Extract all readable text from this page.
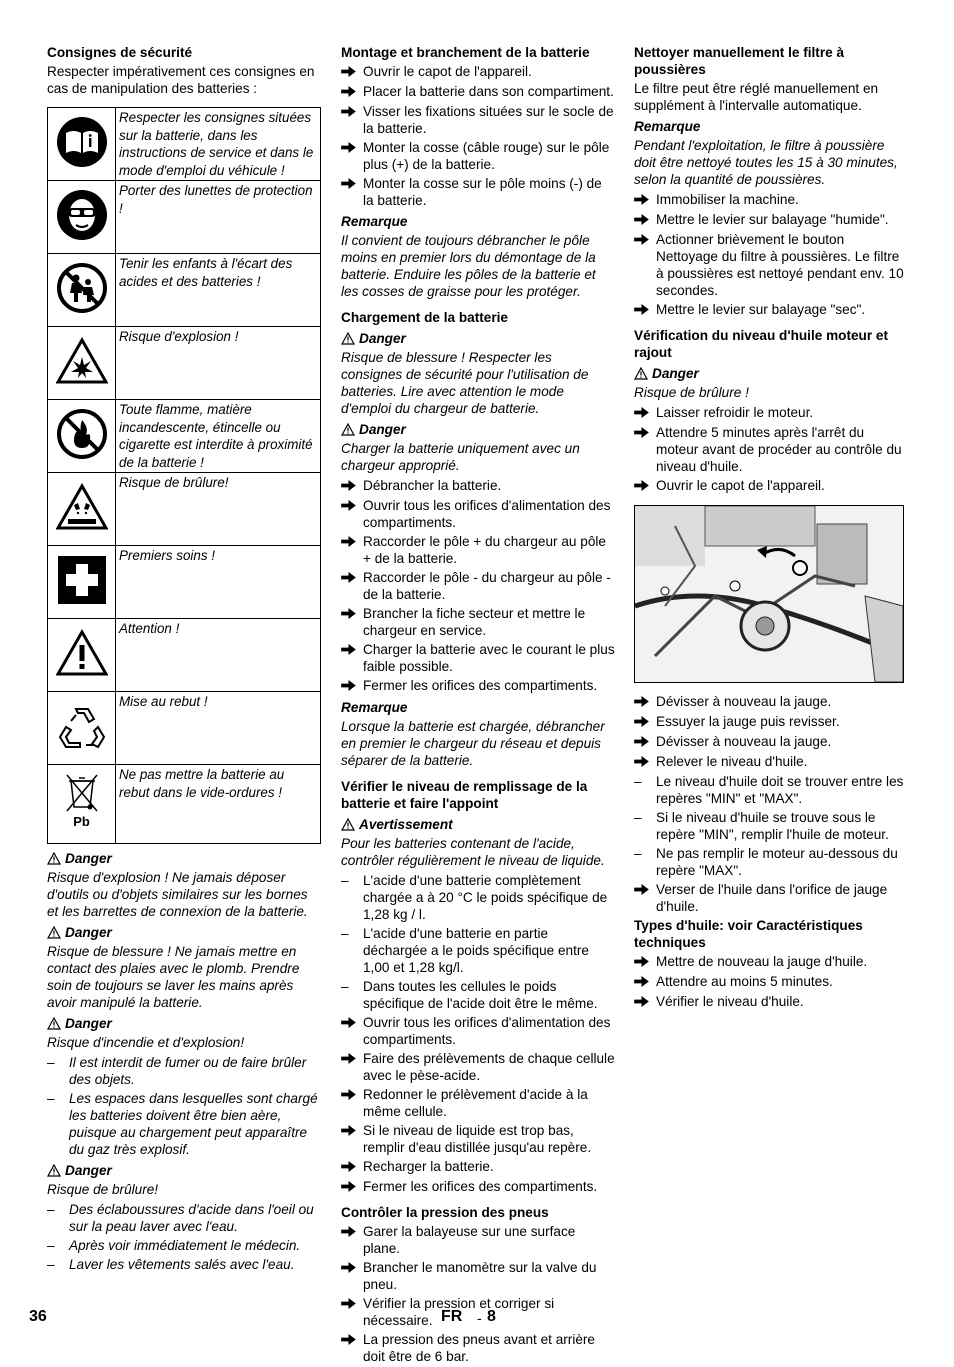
Consignes de sécurité
Respecter impérativement ces consignes en cas de manipulation des batteries :
	Respecter les consignes situées sur la batterie, dans les instructions de service et dans le mode d'emploi du véhicule !
	Porter des lunettes de protection !
	Tenir les enfants à l'écart des acides et des batteries !
	Risque d'explosion !
	Toute flamme, matière incandescente, étincelle ou cigarette est interdite à proximité de la batterie !
	Risque de brûlure!
	Premiers soins !
	Attention !
	Mise au rebut !

Pb	Ne pas mettre la batterie au rebut dans le vide-ordures !
Danger
Risque d'explosion ! Ne jamais déposer d'outils ou d'objets similaires sur les bornes et les barrettes de connexion de la batterie.
Danger
Risque de blessure ! Ne jamais mettre en contact des plaies avec le plomb. Prendre soin de toujours se laver les mains après avoir manipulé la batterie.
Danger
Risque d'incendie et d'explosion!
–	Il est interdit de fumer ou de faire brûler des objets.
–	Les espaces dans lesquelles sont chargé les batteries doivent être bien aère, puisque au chargement peut apparaître du gaz très explosif.
Danger
Risque de brûlure!
–	Des éclaboussures d'acide dans l'oeil ou sur la peau laver avec l'eau.
–	Après voir immédiatement le médecin.
–	Laver les vêtements salés avec l'eau.
Montage et branchement de la batterie
Ouvrir le capot de l'appareil.
Placer la batterie dans son compartiment.
Visser les fixations situées sur le socle de la batterie.
Monter la cosse (câble rouge) sur le pôle plus (+) de la batterie.
Monter la cosse sur le pôle moins (-) de la batterie.
Remarque
Il convient de toujours débrancher le pôle moins en premier lors du démontage de la batterie. Enduire les pôles de la batterie et les cosses de graisse pour les protéger.
Chargement de la batterie
Danger
Risque de blessure ! Respecter les consignes de sécurité pour l'utilisation de batteries. Lire avec attention le mode d'emploi du chargeur de batterie.
Danger
Charger la batterie uniquement avec un chargeur approprié.
Débrancher la batterie.
Ouvrir tous les orifices d'alimentation des compartiments.
Raccorder le pôle + du chargeur au pôle + de la batterie.
Raccorder le pôle - du chargeur au pôle - de la batterie.
Brancher la fiche secteur et mettre le chargeur en service.
Charger la batterie avec le courant le plus faible possible.
Fermer les orifices des compartiments.
Remarque
Lorsque la batterie est chargée, débrancher en premier le chargeur du réseau et depuis séparer de la batterie.
Vérifier le niveau de remplissage de la batterie et faire l'appoint
Avertissement
Pour les batteries contenant de l'acide, contrôler régulièrement le niveau de liquide.
–	L'acide d'une batterie complètement chargée a à 20 °C le poids spécifique de 1,28 kg / l.
–	L'acide d'une batterie en partie déchargée a le poids spécifique entre 1,00 et 1,28 kg/l.
–	Dans toutes les cellules le poids spécifique de l'acide doit être le même.
Ouvrir tous les orifices d'alimentation des compartiments.
Faire des prélèvements de chaque cellule avec le pèse-acide.
Redonner le prélèvement d'acide à la même cellule.
Si le niveau de liquide est trop bas, remplir d'eau distillée jusqu'au repère.
Recharger la batterie.
Fermer les orifices des compartiments.
Contrôler la pression des pneus
Garer la balayeuse sur une surface plane.
Brancher le manomètre sur la valve du pneu.
Vérifier la pression et corriger si nécessaire.
La pression des pneus avant et arrière doit être de 6 bar.
Nettoyer manuellement le filtre à poussières
Le filtre peut être réglé manuellement en supplément à l'intervalle automatique.
Remarque
Pendant l'exploitation, le filtre à poussière doit être nettoyé toutes les 15 à 30 minutes, selon la quantité de poussières.
Immobiliser la machine.
Mettre le levier sur balayage "humide".
Actionner brièvement le bouton Nettoyage du filtre à poussières. Le filtre à poussières est nettoyé pendant env. 10 secondes.
Mettre le levier sur balayage "sec".
Vérification du niveau d'huile moteur et rajout
Danger
Risque de brûlure !
Laisser refroidir le moteur.
Attendre 5 minutes après l'arrêt du moteur avant de procéder au contrôle du niveau d'huile.
Ouvrir le capot de l'appareil.
Dévisser à nouveau la jauge.
Essuyer la jauge puis revisser.
Dévisser à nouveau la jauge.
Relever le niveau d'huile.
–	Le niveau d'huile doit se trouver entre les repères "MIN" et "MAX".
–	Si le niveau d'huile se trouve sous le repère "MIN", remplir l'huile de moteur.
–	Ne pas remplir le moteur au-dessous du repère "MAX".
Verser de l'huile dans l'orifice de jauge d'huile.
Types d'huile: voir Caractéristiques techniques
Mettre de nouveau la jauge d'huile.
Attendre au moins 5 minutes.
Vérifier le niveau d'huile.
36	FR - 8
